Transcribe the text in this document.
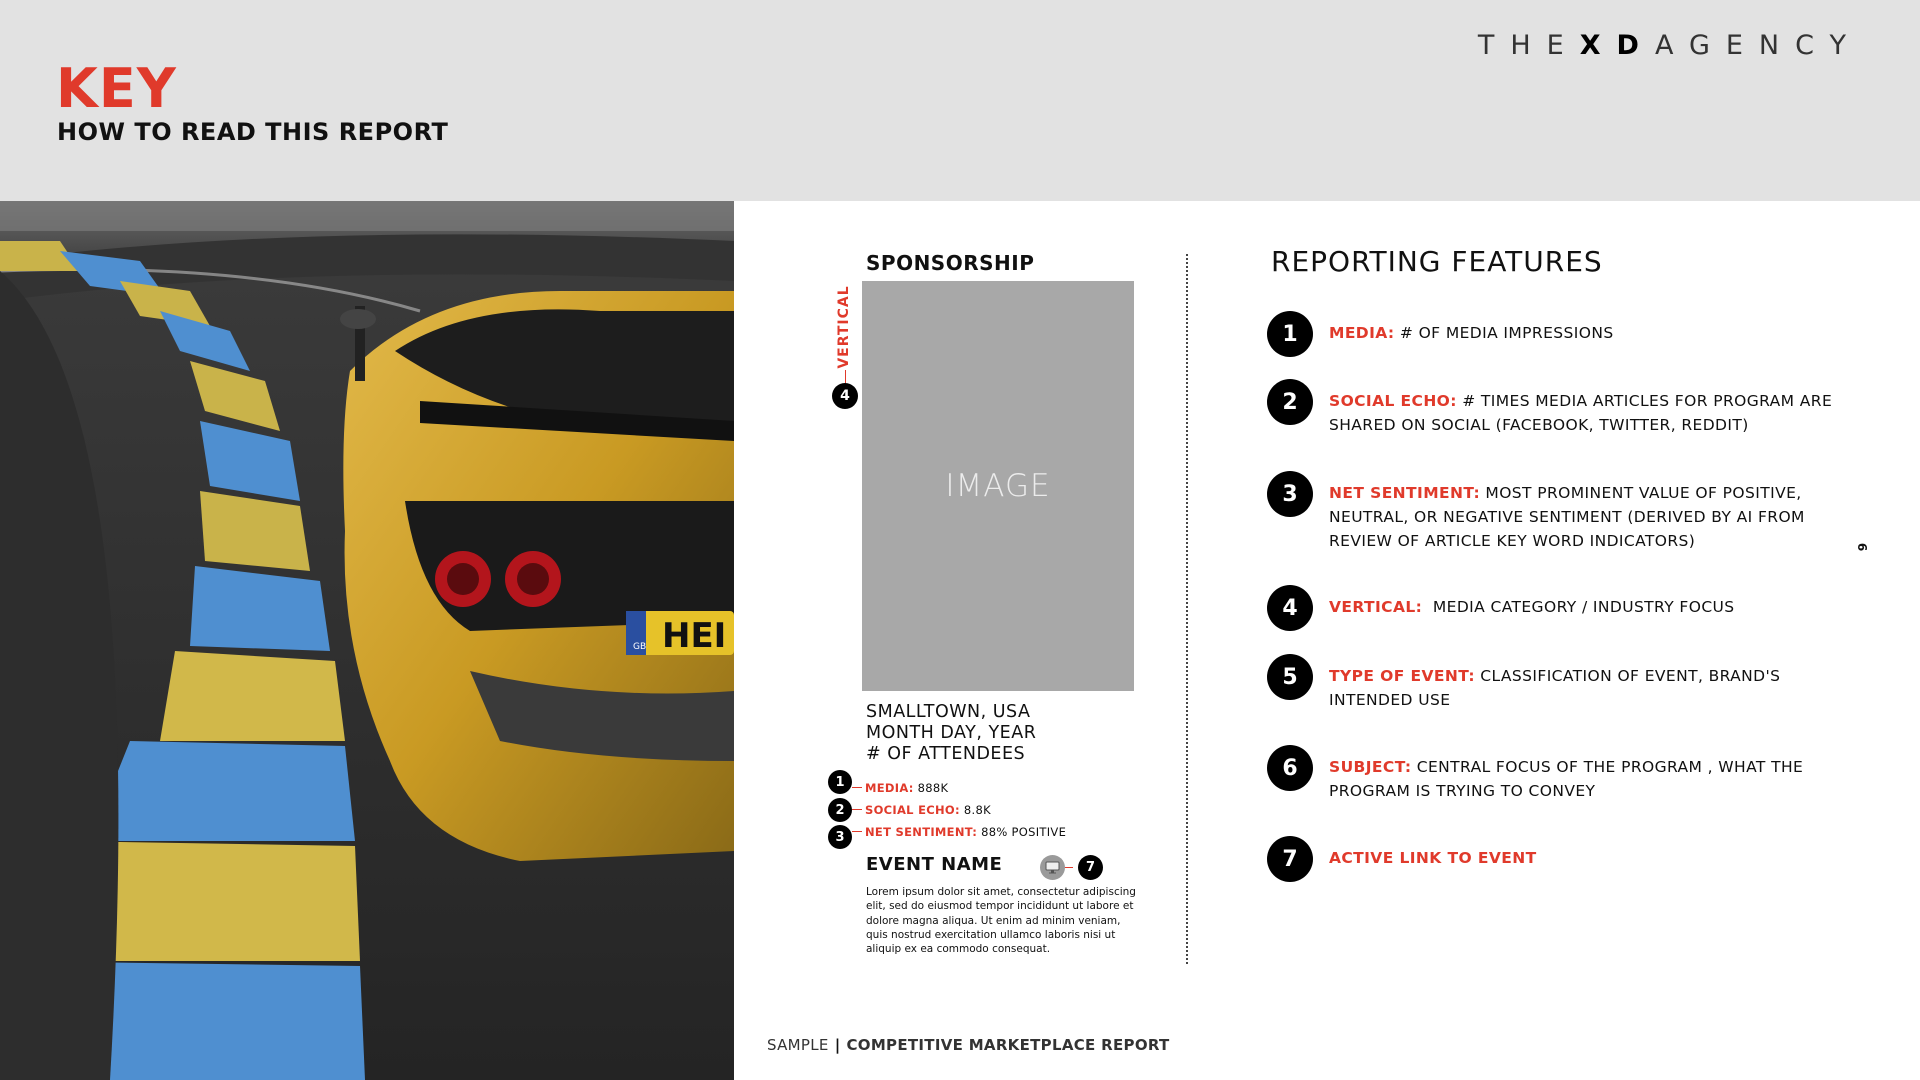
KEY
HOW TO READ THIS REPORT
THEXDAGENCY
GB HEI
SPONSORSHIP
VERTICAL
4
IMAGE
SMALLTOWN, USA
MONTH DAY, YEAR
# OF ATTENDEES
1	MEDIA: 888K
2	SOCIAL ECHO: 8.8K
3	NET SENTIMENT: 88% POSITIVE
EVENT NAME	7
Lorem ipsum dolor sit amet, consectetur adipiscing elit, sed do eiusmod tempor incididunt ut labore et dolore magna aliqua. Ut enim ad minim veniam, quis nostrud exercitation ullamco laboris nisi ut aliquip ex ea commodo consequat.
REPORTING FEATURES
1	MEDIA: # OF MEDIA IMPRESSIONS
2	SOCIAL ECHO: # TIMES MEDIA ARTICLES FOR PROGRAM ARE SHARED ON SOCIAL (FACEBOOK, TWITTER, REDDIT)
3	NET SENTIMENT: MOST PROMINENT VALUE OF POSITIVE, NEUTRAL, OR NEGATIVE SENTIMENT (DERIVED BY AI FROM REVIEW OF ARTICLE KEY WORD INDICATORS)
4	VERTICAL:  MEDIA CATEGORY / INDUSTRY FOCUS
5	TYPE OF EVENT: CLASSIFICATION OF EVENT, BRAND'S INTENDED USE
6	SUBJECT: CENTRAL FOCUS OF THE PROGRAM , WHAT THE PROGRAM IS TRYING TO CONVEY
7	ACTIVE LINK TO EVENT
6
SAMPLE | COMPETITIVE MARKETPLACE REPORT
